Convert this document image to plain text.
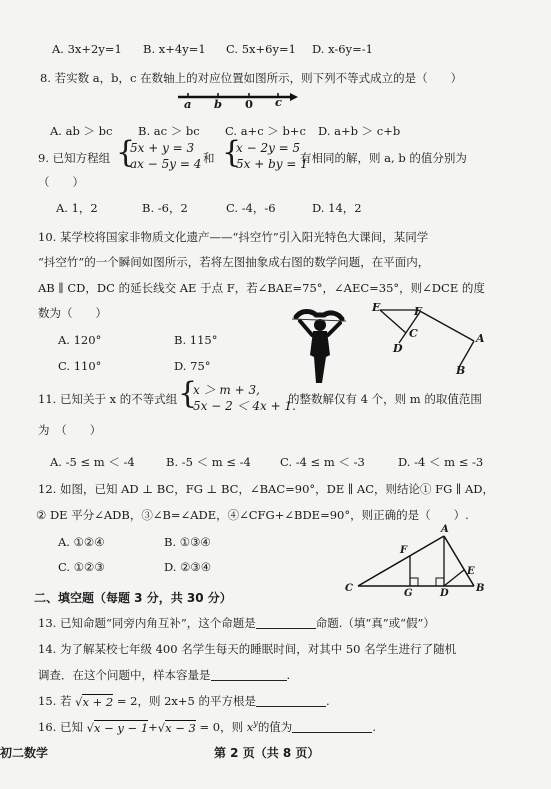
A. 3x+2y=1 B. x+4y=1 C. 5x+6y=1 D. x-6y=-1
8. 若实数 a，b，c 在数轴上的对应位置如图所示，则下列不等式成立的是（　　）
a b 0 c
A. ab ＞ bc B. ac ＞ bc C. a+c ＞ b+c D. a+b ＞ c+b
9. 已知方程组 {
5x + y = 3
ax − 5y = 4 和 {
x − 2y = 5
5x + by = 1
有相同的解，则 a, b 的值分别为
（　　）
A. 1，2	B. -6，2	C. -4，-6	D. 14，2
10. 某学校将国家非物质文化遗产——“抖空竹”引入阳光特色大课间，某同学
“抖空竹”的一个瞬间如图所示，若将左图抽象成右图的数学问题，在平面内，
AB ∥ CD，DC 的延长线交 AE 于点 F，若∠BAE=75°，∠AEC=35°，则∠DCE 的度
数为（　　）
A. 120°	B. 115°
C. 110°	D. 75°
E	F
C
D
A
B
11. 已知关于 x 的不等式组 {
x ＞ m + 3,
5x − 2 ＜ 4x + 1.
的整数解仅有 4 个，则 m 的取值范围
为　（　　）
A. -5 ≤ m ＜ -4	B. -5 ＜ m ≤ -4	C. -4 ≤ m ＜ -3	D. -4 ＜ m ≤ -3
12. 如图，已知 AD ⊥ BC，FG ⊥ BC，∠BAC=90°，DE ∥ AC，则结论① FG ∥ AD，
② DE 平分∠ADB，③∠B=∠ADE，④∠CFG+∠BDE=90°，则正确的是（　　）.
A. ①②④	B. ①③④
C. ①②③	D. ②③④
A
F
E
C	G	D	B
二、填空题（每题 3 分，共 30 分）
13. 已知命题“同旁内角互补”，这个命题是	命题.（填“真”或“假”）
14. 为了解某校七年级 400 名学生每天的睡眠时间，对其中 50 名学生进行了随机
调查．在这个问题中，样本容量是	.
15. 若 √x + 2 = 2，则 2x+5 的平方根是	.
16. 已知 √x − y − 1+√x − 3 = 0，则 $x^y$的值为	.
初二数学	第 2 页（共 8 页）
